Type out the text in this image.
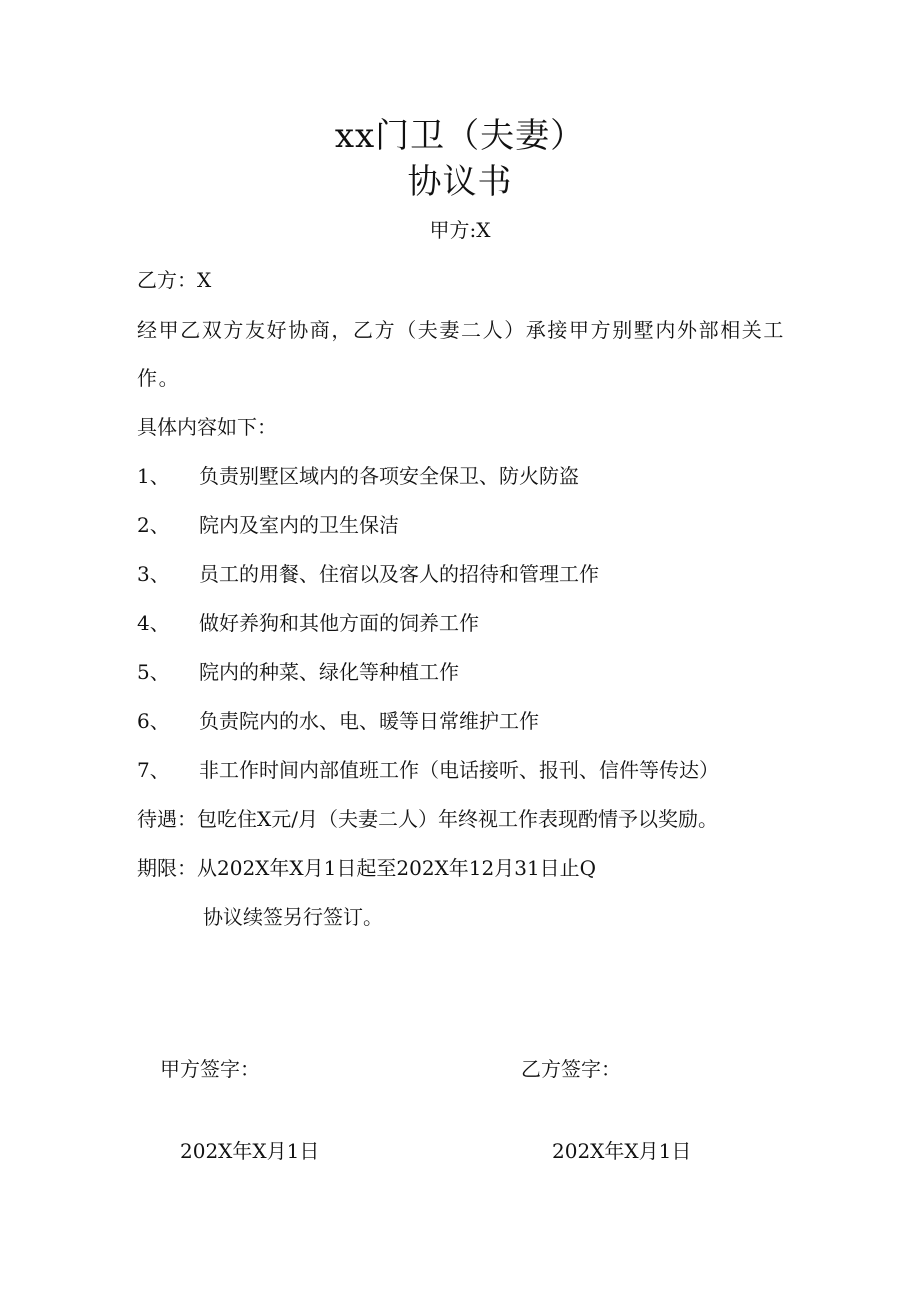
xx门卫（夫妻）
协议书
甲方:X
乙方：X
经甲乙双方友好协商，乙方（夫妻二人）承接甲方别墅内外部相关工作。
具体内容如下：
1、 负责别墅区域内的各项安全保卫、防火防盗
2、 院内及室内的卫生保洁
3、 员工的用餐、住宿以及客人的招待和管理工作
4、 做好养狗和其他方面的饲养工作
5、 院内的种菜、绿化等种植工作
6、 负责院内的水、电、暖等日常维护工作
7、 非工作时间内部值班工作（电话接听、报刊、信件等传达）
待遇：包吃住X元/月（夫妻二人）年终视工作表现酌情予以奖励。
期限：从202X年X月1日起至202X年12月31日止Q
协议续签另行签订。
甲方签字：	乙方签字：
202X年X月1日	202X年X月1日
